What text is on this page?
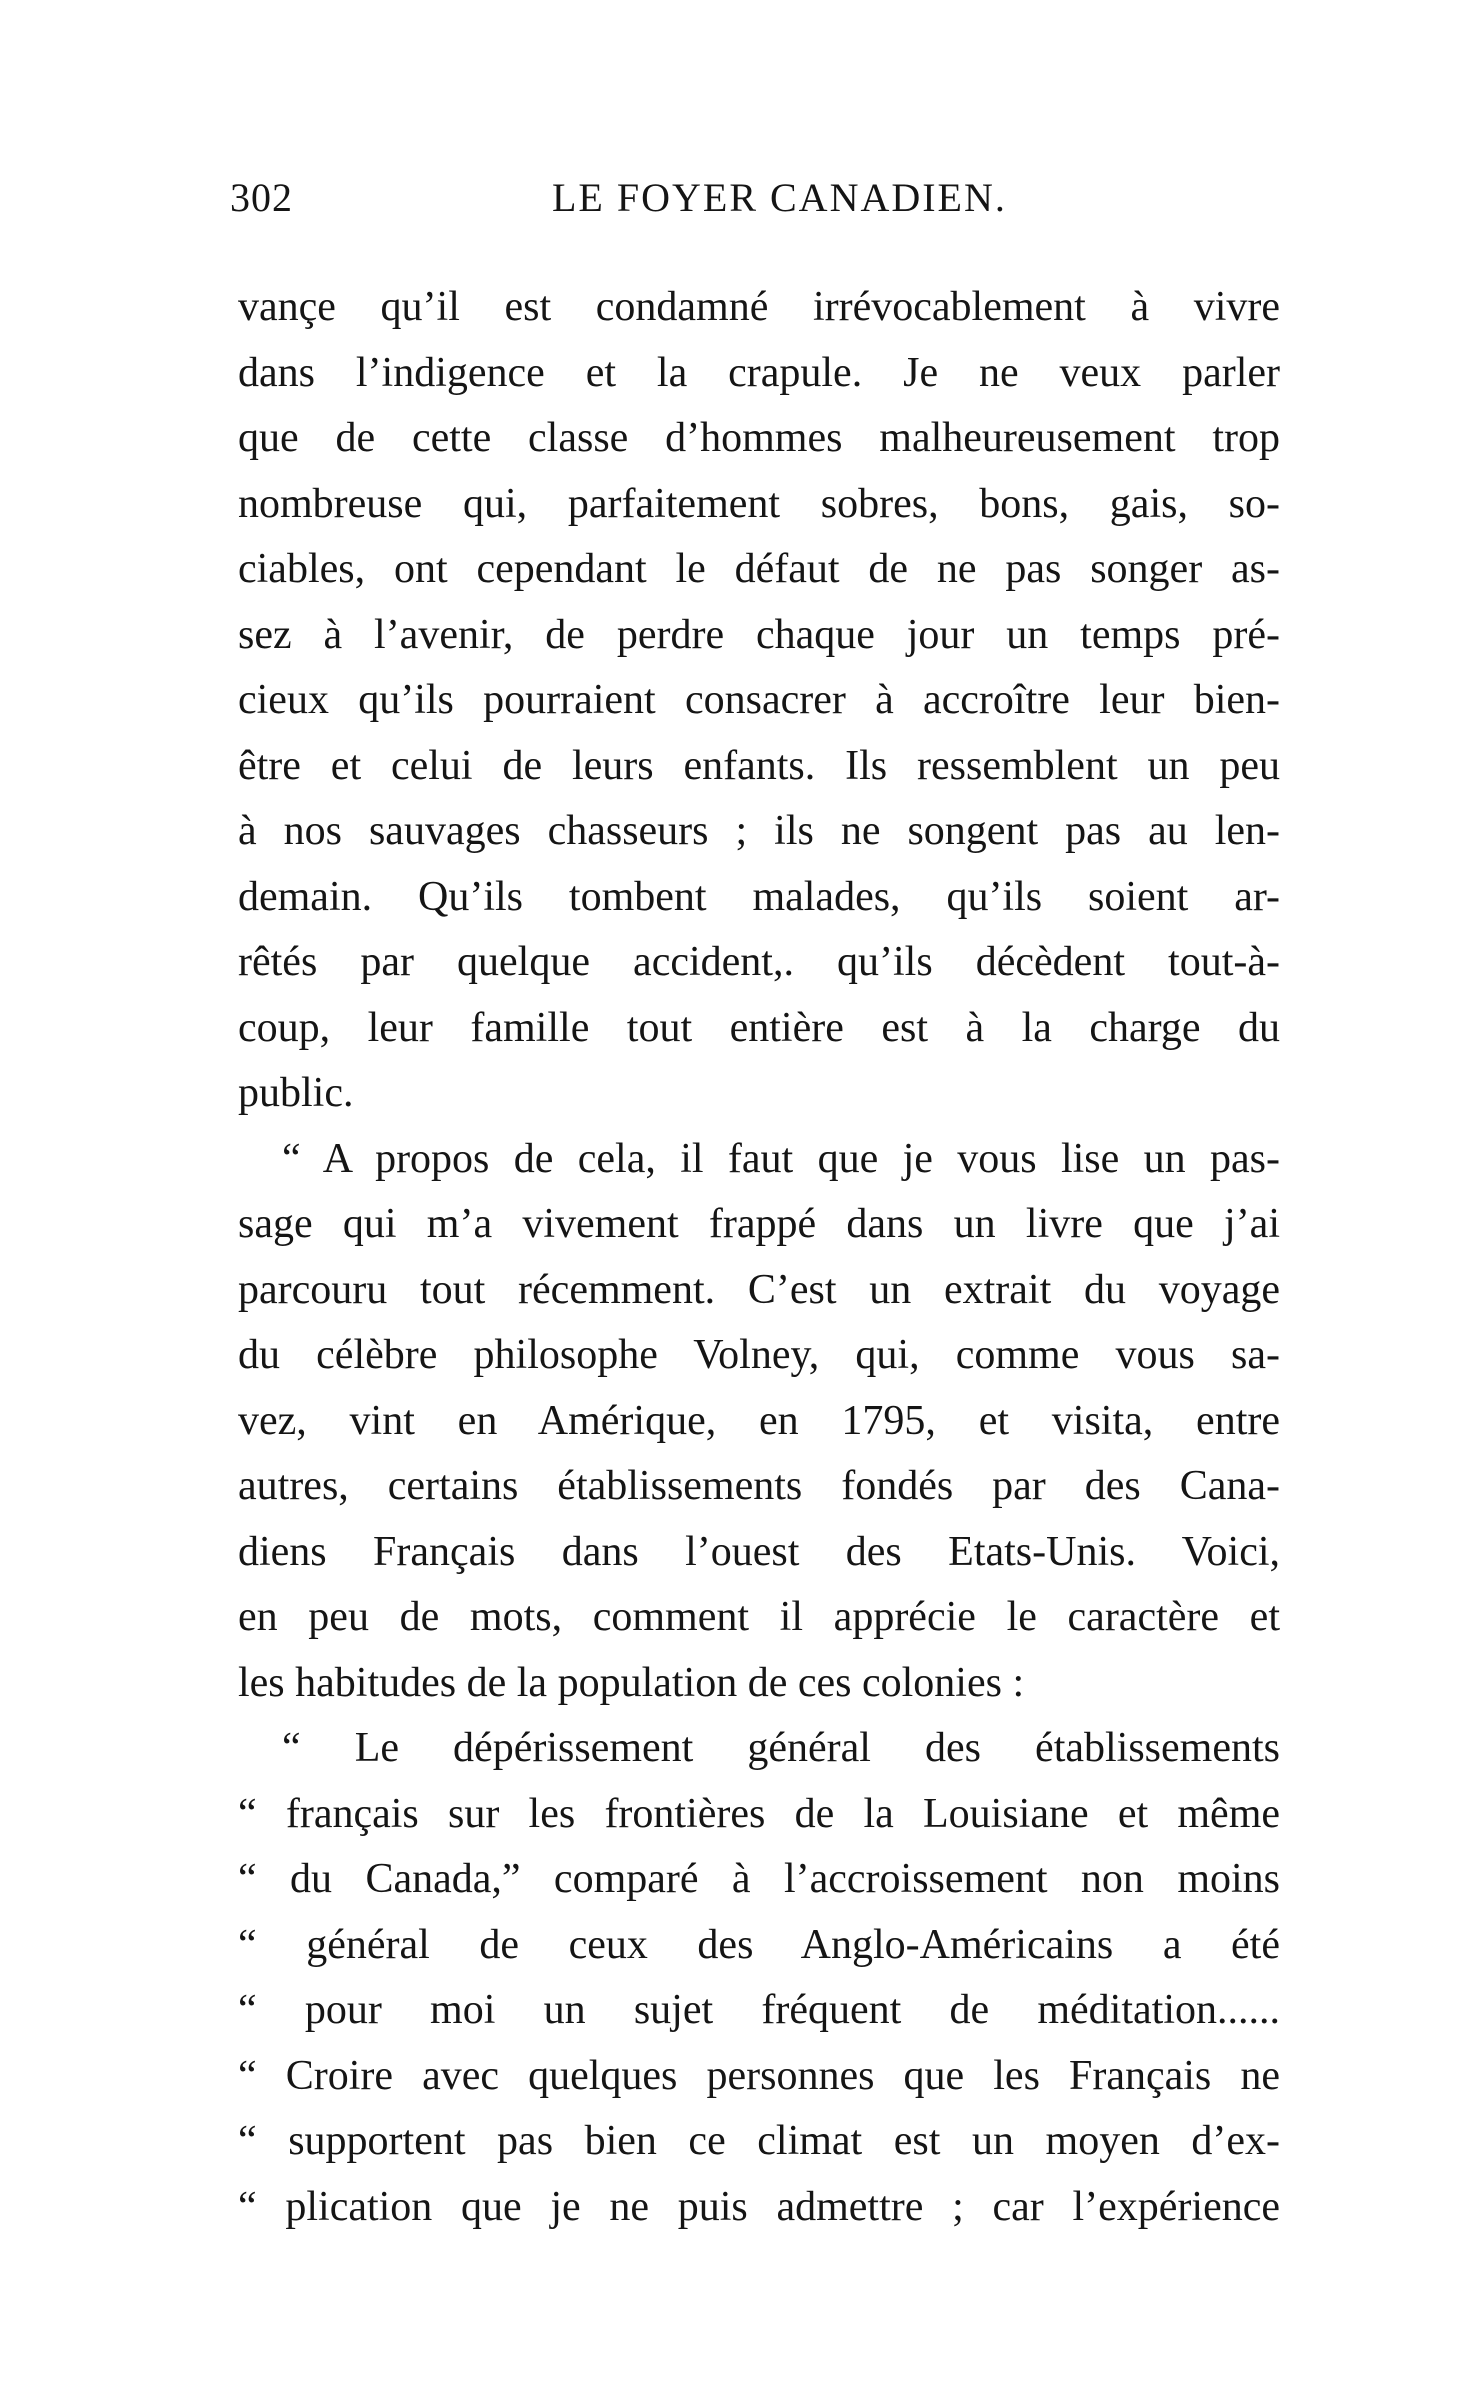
302	LE FOYER CANADIEN.
vançe qu’il est condamné irrévocablement à vivre
dans l’indigence et la crapule. Je ne veux parler
que de cette classe d’hommes malheureusement trop
nombreuse qui, parfaitement sobres, bons, gais, so-
ciables, ont cependant le défaut de ne pas songer as-
sez à l’avenir, de perdre chaque jour un temps pré-
cieux qu’ils pourraient consacrer à accroître leur bien-
être et celui de leurs enfants. Ils ressemblent un peu
à nos sauvages chasseurs ; ils ne songent pas au len-
demain. Qu’ils tombent malades, qu’ils soient ar-
rêtés par quelque accident,. qu’ils décèdent tout-à-
coup, leur famille tout entière est à la charge du
public.
“ A propos de cela, il faut que je vous lise un pas-
sage qui m’a vivement frappé dans un livre que j’ai
parcouru tout récemment. C’est un extrait du voyage
du célèbre philosophe Volney, qui, comme vous sa-
vez, vint en Amérique, en 1795, et visita, entre
autres, certains établissements fondés par des Cana-
diens Français dans l’ouest des Etats-Unis. Voici,
en peu de mots, comment il apprécie le caractère et
les habitudes de la population de ces colonies :
“ Le dépérissement général des établissements
“ français sur les frontières de la Louisiane et même
“ du Canada,” comparé à l’accroissement non moins
“ général de ceux des Anglo-Américains a été
“ pour moi un sujet fréquent de méditation......
“ Croire avec quelques personnes que les Français ne
“ supportent pas bien ce climat est un moyen d’ex-
“ plication que je ne puis admettre ; car l’expérience
